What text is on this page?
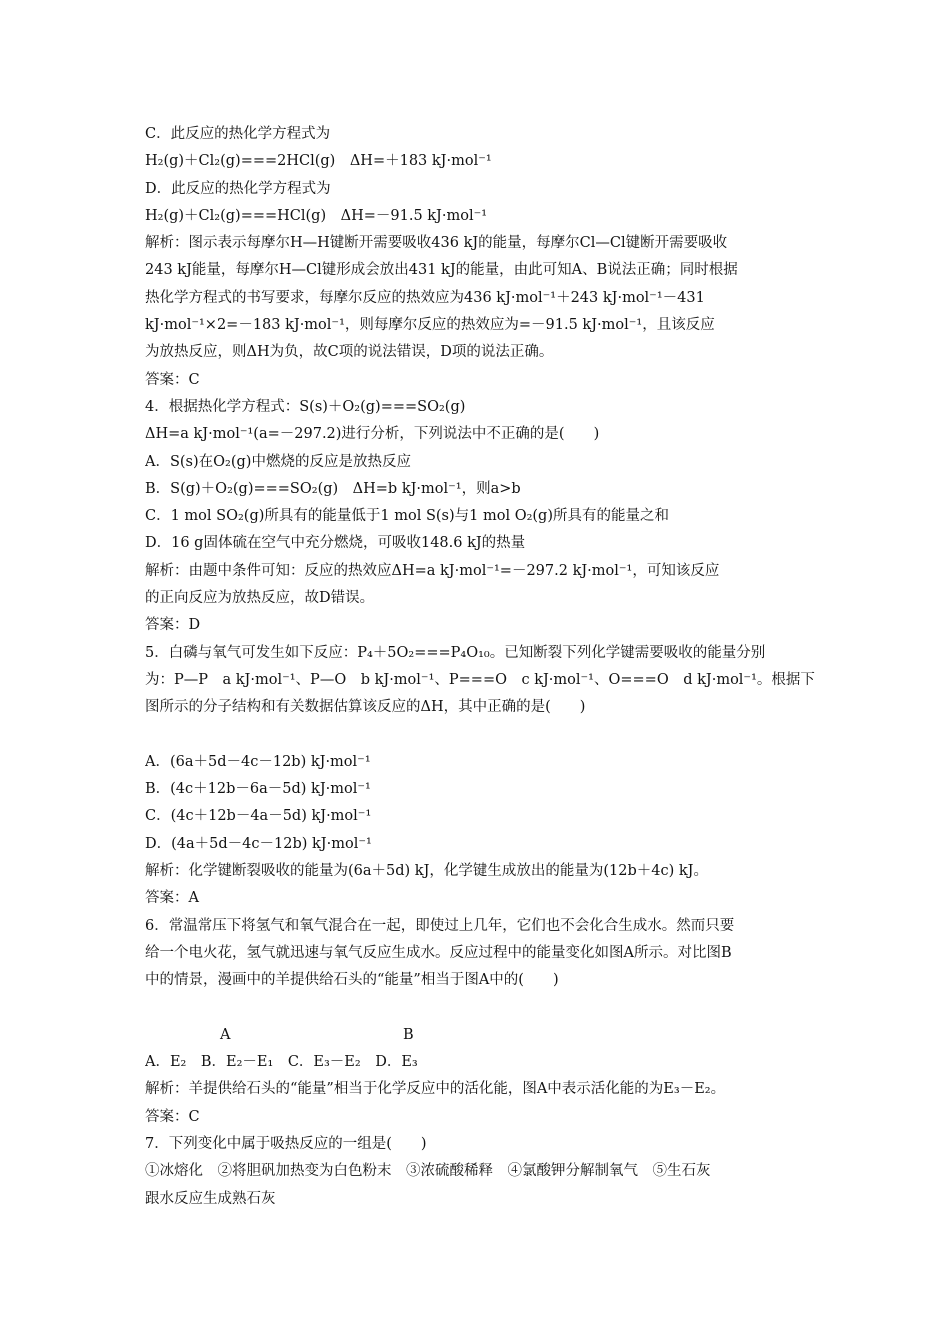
C．此反应的热化学方程式为
H₂(g)＋Cl₂(g)===2HCl(g)　ΔH=＋183 kJ·mol⁻¹
D．此反应的热化学方程式为
H₂(g)＋Cl₂(g)===HCl(g)　ΔH=－91.5 kJ·mol⁻¹
解析：图示表示每摩尔H—H键断开需要吸收436 kJ的能量，每摩尔Cl—Cl键断开需要吸收
243 kJ能量，每摩尔H—Cl键形成会放出431 kJ的能量，由此可知A、B说法正确；同时根据
热化学方程式的书写要求，每摩尔反应的热效应为436 kJ·mol⁻¹＋243 kJ·mol⁻¹－431
kJ·mol⁻¹×2=－183 kJ·mol⁻¹，则每摩尔反应的热效应为=－91.5 kJ·mol⁻¹，且该反应
为放热反应，则ΔH为负，故C项的说法错误，D项的说法正确。
答案：C
4．根据热化学方程式：S(s)＋O₂(g)===SO₂(g)
ΔH=a kJ·mol⁻¹(a=－297.2)进行分析，下列说法中不正确的是(　　)
A．S(s)在O₂(g)中燃烧的反应是放热反应
B．S(g)＋O₂(g)===SO₂(g)　ΔH=b kJ·mol⁻¹，则a>b
C．1 mol SO₂(g)所具有的能量低于1 mol S(s)与1 mol O₂(g)所具有的能量之和
D．16 g固体硫在空气中充分燃烧，可吸收148.6 kJ的热量
解析：由题中条件可知：反应的热效应ΔH=a kJ·mol⁻¹=－297.2 kJ·mol⁻¹，可知该反应
的正向反应为放热反应，故D错误。
答案：D
5．白磷与氧气可发生如下反应：P₄＋5O₂===P₄O₁₀。已知断裂下列化学键需要吸收的能量分别
为：P—P　a kJ·mol⁻¹、P—O　b kJ·mol⁻¹、P===O　c kJ·mol⁻¹、O===O　d kJ·mol⁻¹。根据下
图所示的分子结构和有关数据估算该反应的ΔH，其中正确的是(　　)
A．(6a＋5d－4c－12b) kJ·mol⁻¹
B．(4c＋12b－6a－5d) kJ·mol⁻¹
C．(4c＋12b－4a－5d) kJ·mol⁻¹
D．(4a＋5d－4c－12b) kJ·mol⁻¹
解析：化学键断裂吸收的能量为(6a＋5d) kJ，化学键生成放出的能量为(12b＋4c) kJ。
答案：A
6．常温常压下将氢气和氧气混合在一起，即使过上几年，它们也不会化合生成水。然而只要
给一个电火花，氢气就迅速与氧气反应生成水。反应过程中的能量变化如图A所示。对比图B
中的情景，漫画中的羊提供给石头的“能量”相当于图A中的(　　)
A	B
A．E₂　B．E₂－E₁　C．E₃－E₂　D．E₃
解析：羊提供给石头的“能量”相当于化学反应中的活化能，图A中表示活化能的为E₃－E₂。
答案：C
7．下列变化中属于吸热反应的一组是(　　)
①冰熔化　②将胆矾加热变为白色粉末　③浓硫酸稀释　④氯酸钾分解制氧气　⑤生石灰
跟水反应生成熟石灰
